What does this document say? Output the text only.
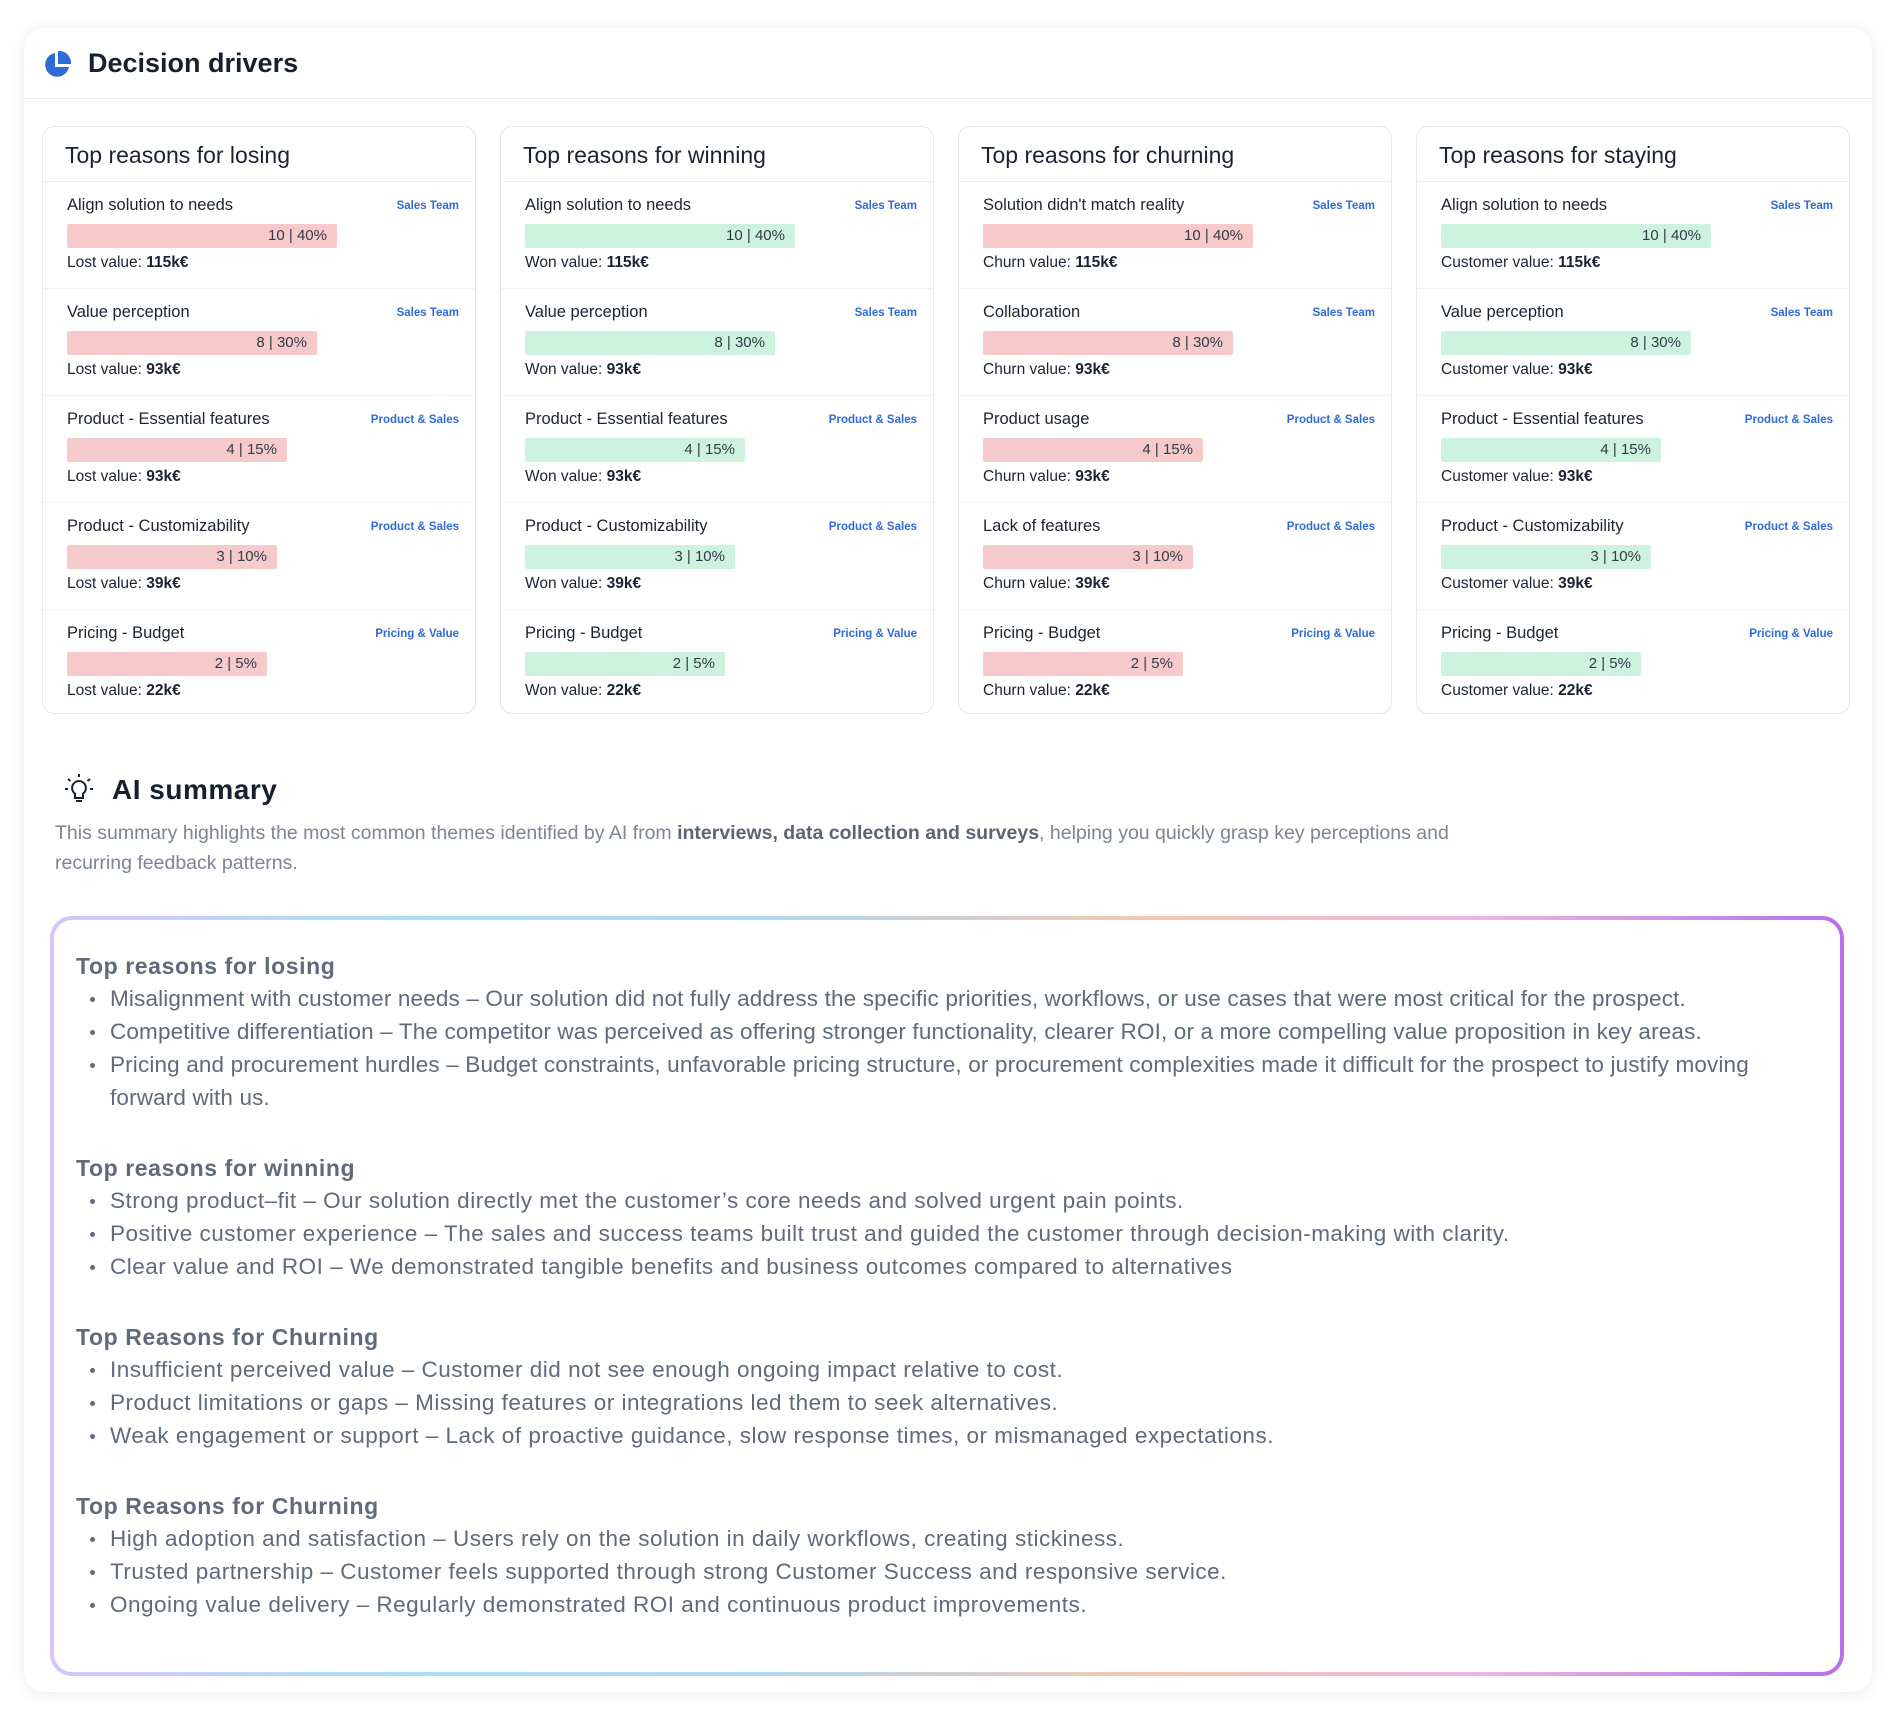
Decision drivers
Top reasons for losing
Align solution to needs	Sales Team
10 | 40%
Lost value: 115k€
Value perception	Sales Team
8 | 30%
Lost value: 93k€
Product - Essential features	Product & Sales
4 | 15%
Lost value: 93k€
Product - Customizability	Product & Sales
3 | 10%
Lost value: 39k€
Pricing - Budget	Pricing & Value
2 | 5%
Lost value: 22k€
Top reasons for winning
Align solution to needs	Sales Team
10 | 40%
Won value: 115k€
Value perception	Sales Team
8 | 30%
Won value: 93k€
Product - Essential features	Product & Sales
4 | 15%
Won value: 93k€
Product - Customizability	Product & Sales
3 | 10%
Won value: 39k€
Pricing - Budget	Pricing & Value
2 | 5%
Won value: 22k€
Top reasons for churning
Solution didn't match reality	Sales Team
10 | 40%
Churn value: 115k€
Collaboration	Sales Team
8 | 30%
Churn value: 93k€
Product usage	Product & Sales
4 | 15%
Churn value: 93k€
Lack of features	Product & Sales
3 | 10%
Churn value: 39k€
Pricing - Budget	Pricing & Value
2 | 5%
Churn value: 22k€
Top reasons for staying
Align solution to needs	Sales Team
10 | 40%
Customer value: 115k€
Value perception	Sales Team
8 | 30%
Customer value: 93k€
Product - Essential features	Product & Sales
4 | 15%
Customer value: 93k€
Product - Customizability	Product & Sales
3 | 10%
Customer value: 39k€
Pricing - Budget	Pricing & Value
2 | 5%
Customer value: 22k€
AI summary
This summary highlights the most common themes identified by AI from interviews, data collection and surveys, helping you quickly grasp key perceptions and recurring feedback patterns.
Top reasons for losing
Misalignment with customer needs – Our solution did not fully address the specific priorities, workflows, or use cases that were most critical for the prospect.
Competitive differentiation – The competitor was perceived as offering stronger functionality, clearer ROI, or a more compelling value proposition in key areas.
Pricing and procurement hurdles – Budget constraints, unfavorable pricing structure, or procurement complexities made it difficult for the prospect to justify moving forward with us.
Top reasons for winning
Strong product–fit – Our solution directly met the customer’s core needs and solved urgent pain points.
Positive customer experience – The sales and success teams built trust and guided the customer through decision-making with clarity.
Clear value and ROI – We demonstrated tangible benefits and business outcomes compared to alternatives
Top Reasons for Churning
Insufficient perceived value – Customer did not see enough ongoing impact relative to cost.
Product limitations or gaps – Missing features or integrations led them to seek alternatives.
Weak engagement or support – Lack of proactive guidance, slow response times, or mismanaged expectations.
Top Reasons for Churning
High adoption and satisfaction – Users rely on the solution in daily workflows, creating stickiness.
Trusted partnership – Customer feels supported through strong Customer Success and responsive service.
Ongoing value delivery – Regularly demonstrated ROI and continuous product improvements.
